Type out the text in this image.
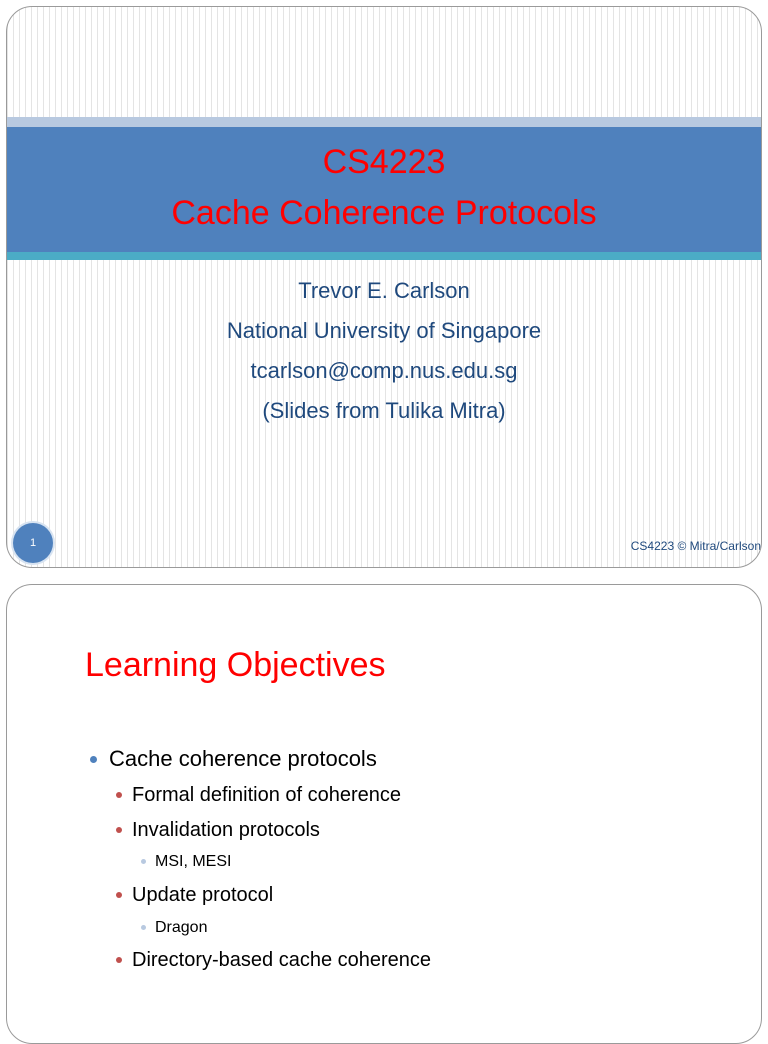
CS4223
Cache Coherence Protocols
Trevor E. Carlson
National University of Singapore
tcarlson@comp.nus.edu.sg
(Slides from Tulika Mitra)
1	CS4223 © Mitra/Carlson
Learning Objectives
Cache coherence protocols
Formal definition of coherence
Invalidation protocols
MSI, MESI
Update protocol
Dragon
Directory-based cache coherence
